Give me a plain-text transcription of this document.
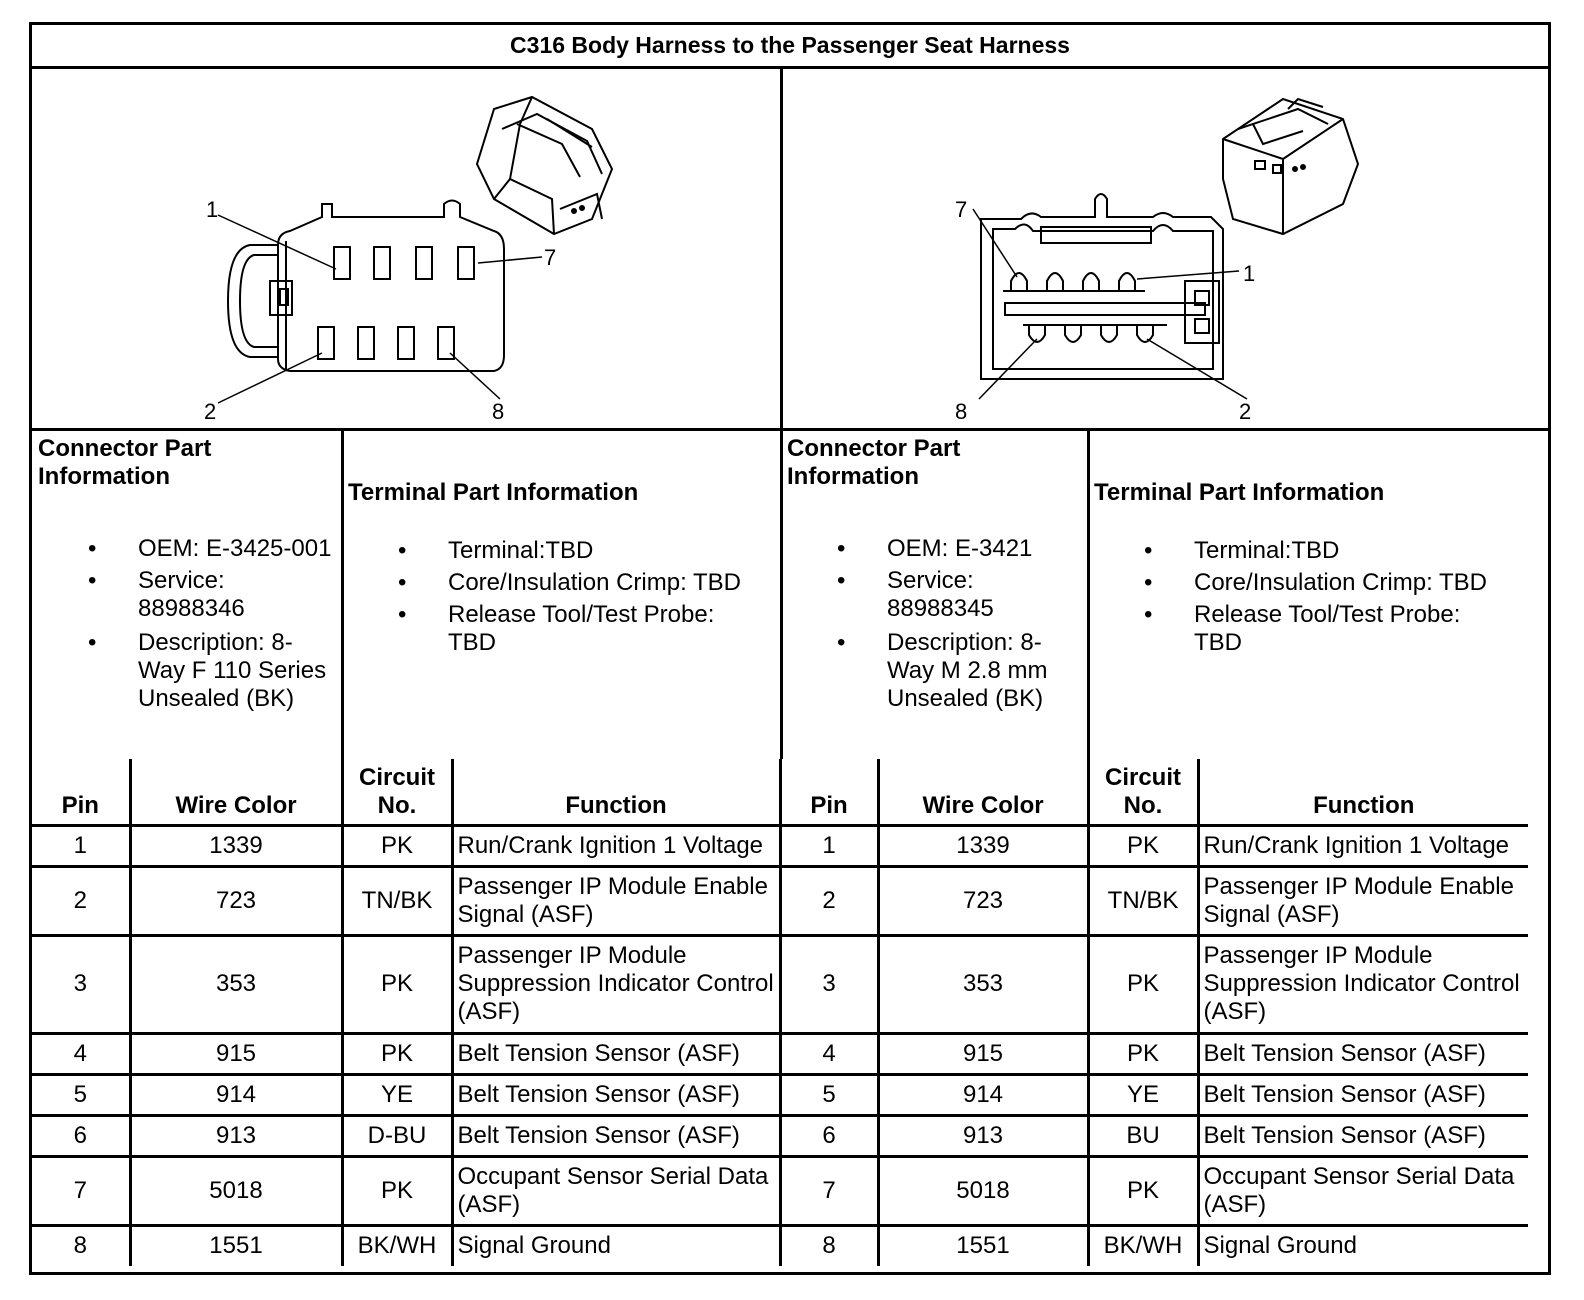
C316 Body Harness to the Passenger Seat Harness
1
7
2	8
7
1
8	2
Connector Part Information
• OEM: E-3425-001
• Service: 88988346
• Description: 8-Way F 110 Series Unsealed (BK)
Terminal Part Information
• Terminal:TBD
• Core/Insulation Crimp: TBD
• Release Tool/Test Probe: TBD
Connector Part Information
• OEM: E-3421
• Service: 88988345
• Description: 8-Way M 2.8 mm Unsealed (BK)
Terminal Part Information
• Terminal:TBD
• Core/Insulation Crimp: TBD
• Release Tool/Test Probe: TBD
Pin	Wire Color	Circuit No.	Function	Pin	Wire Color	Circuit No.	Function
1	1339	PK	Run/Crank Ignition 1 Voltage	1	1339	PK	Run/Crank Ignition 1 Voltage
2	723	TN/BK	Passenger IP Module Enable Signal (ASF)	2	723	TN/BK	Passenger IP Module Enable Signal (ASF)
3	353	PK	Passenger IP Module Suppression Indicator Control (ASF)	3	353	PK	Passenger IP Module Suppression Indicator Control (ASF)
4	915	PK	Belt Tension Sensor (ASF)	4	915	PK	Belt Tension Sensor (ASF)
5	914	YE	Belt Tension Sensor (ASF)	5	914	YE	Belt Tension Sensor (ASF)
6	913	D-BU	Belt Tension Sensor (ASF)	6	913	BU	Belt Tension Sensor (ASF)
7	5018	PK	Occupant Sensor Serial Data (ASF)	7	5018	PK	Occupant Sensor Serial Data (ASF)
8	1551	BK/WH	Signal Ground	8	1551	BK/WH	Signal Ground
